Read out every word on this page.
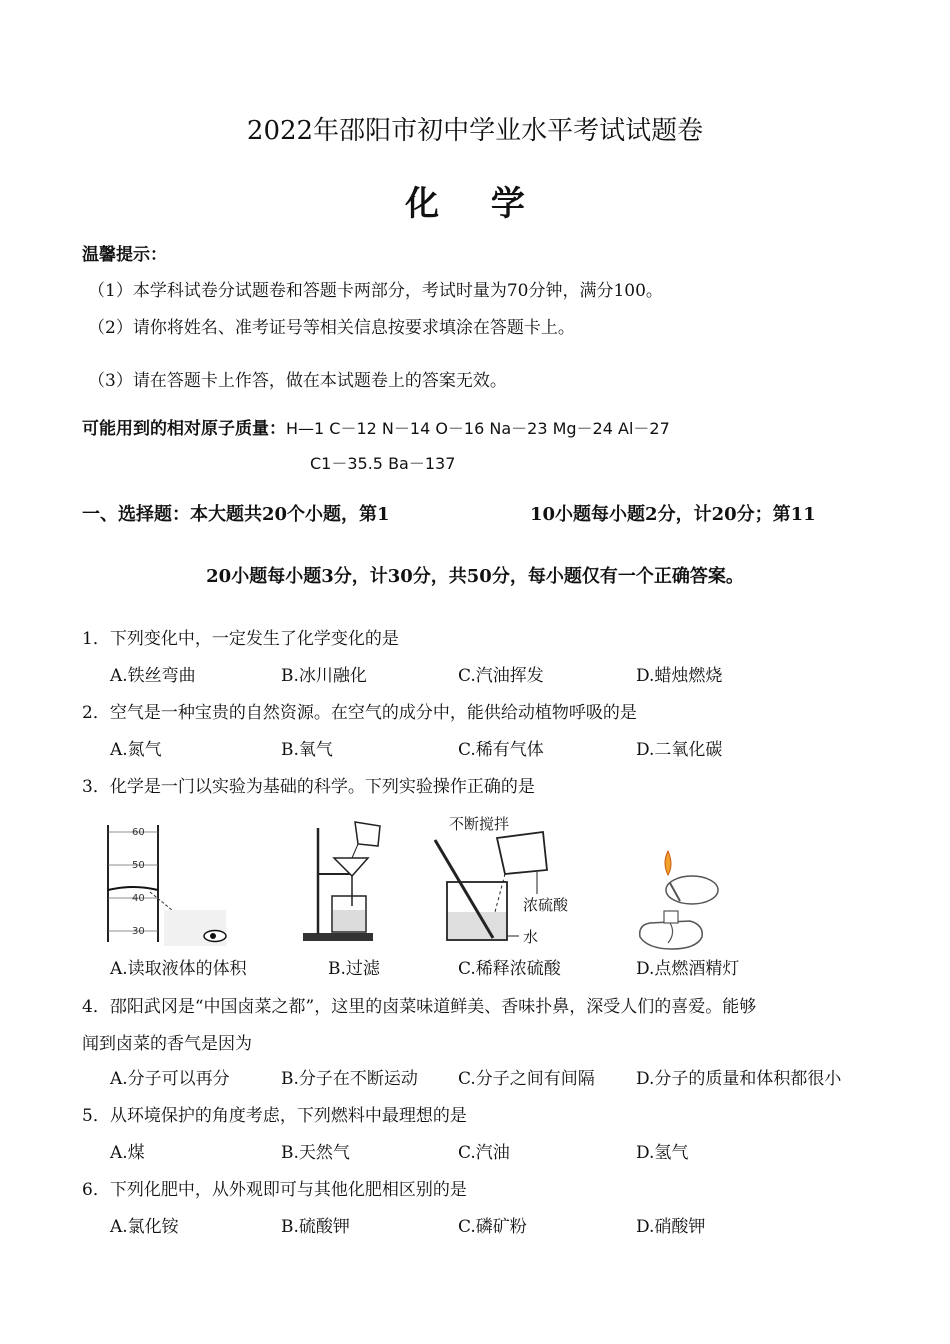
2022年邵阳市初中学业水平考试试题卷
化 学
温馨提示：
（1）本学科试卷分试题卷和答题卡两部分，考试时量为70分钟，满分100。
（2）请你将姓名、准考证号等相关信息按要求填涂在答题卡上。
（3）请在答题卡上作答，做在本试题卷上的答案无效。
可能用到的相对原子质量：H—1 C－12 N－14 O－16 Na－23 Mg－24 Al－27
C1－35.5 Ba－137
一、选择题：本大题共20个小题，第1	10小题每小题2分，计20分；第11
20小题每小题3分，计30分，共50分，每小题仅有一个正确答案。
1．下列变化中，一定发生了化学变化的是
A.铁丝弯曲	B.冰川融化	C.汽油挥发	D.蜡烛燃烧
2．空气是一种宝贵的自然资源。在空气的成分中，能供给动植物呼吸的是
A.氮气	B.氧气	C.稀有气体	D.二氧化碳
3．化学是一门以实验为基础的科学。下列实验操作正确的是
60
50
40
30
不断搅拌
浓硫酸
水
A.读取液体的体积	B.过滤	C.稀释浓硫酸	D.点燃酒精灯
4．邵阳武冈是“中国卤菜之都”，这里的卤菜味道鲜美、香味扑鼻，深受人们的喜爱。能够
闻到卤菜的香气是因为
A.分子可以再分	B.分子在不断运动 C.分子之间有间隔 D.分子的质量和体积都很小
5．从环境保护的角度考虑，下列燃料中最理想的是
A.煤	B.天然气	C.汽油	D.氢气
6．下列化肥中，从外观即可与其他化肥相区别的是
A.氯化铵	B.硫酸钾	C.磷矿粉	D.硝酸钾
